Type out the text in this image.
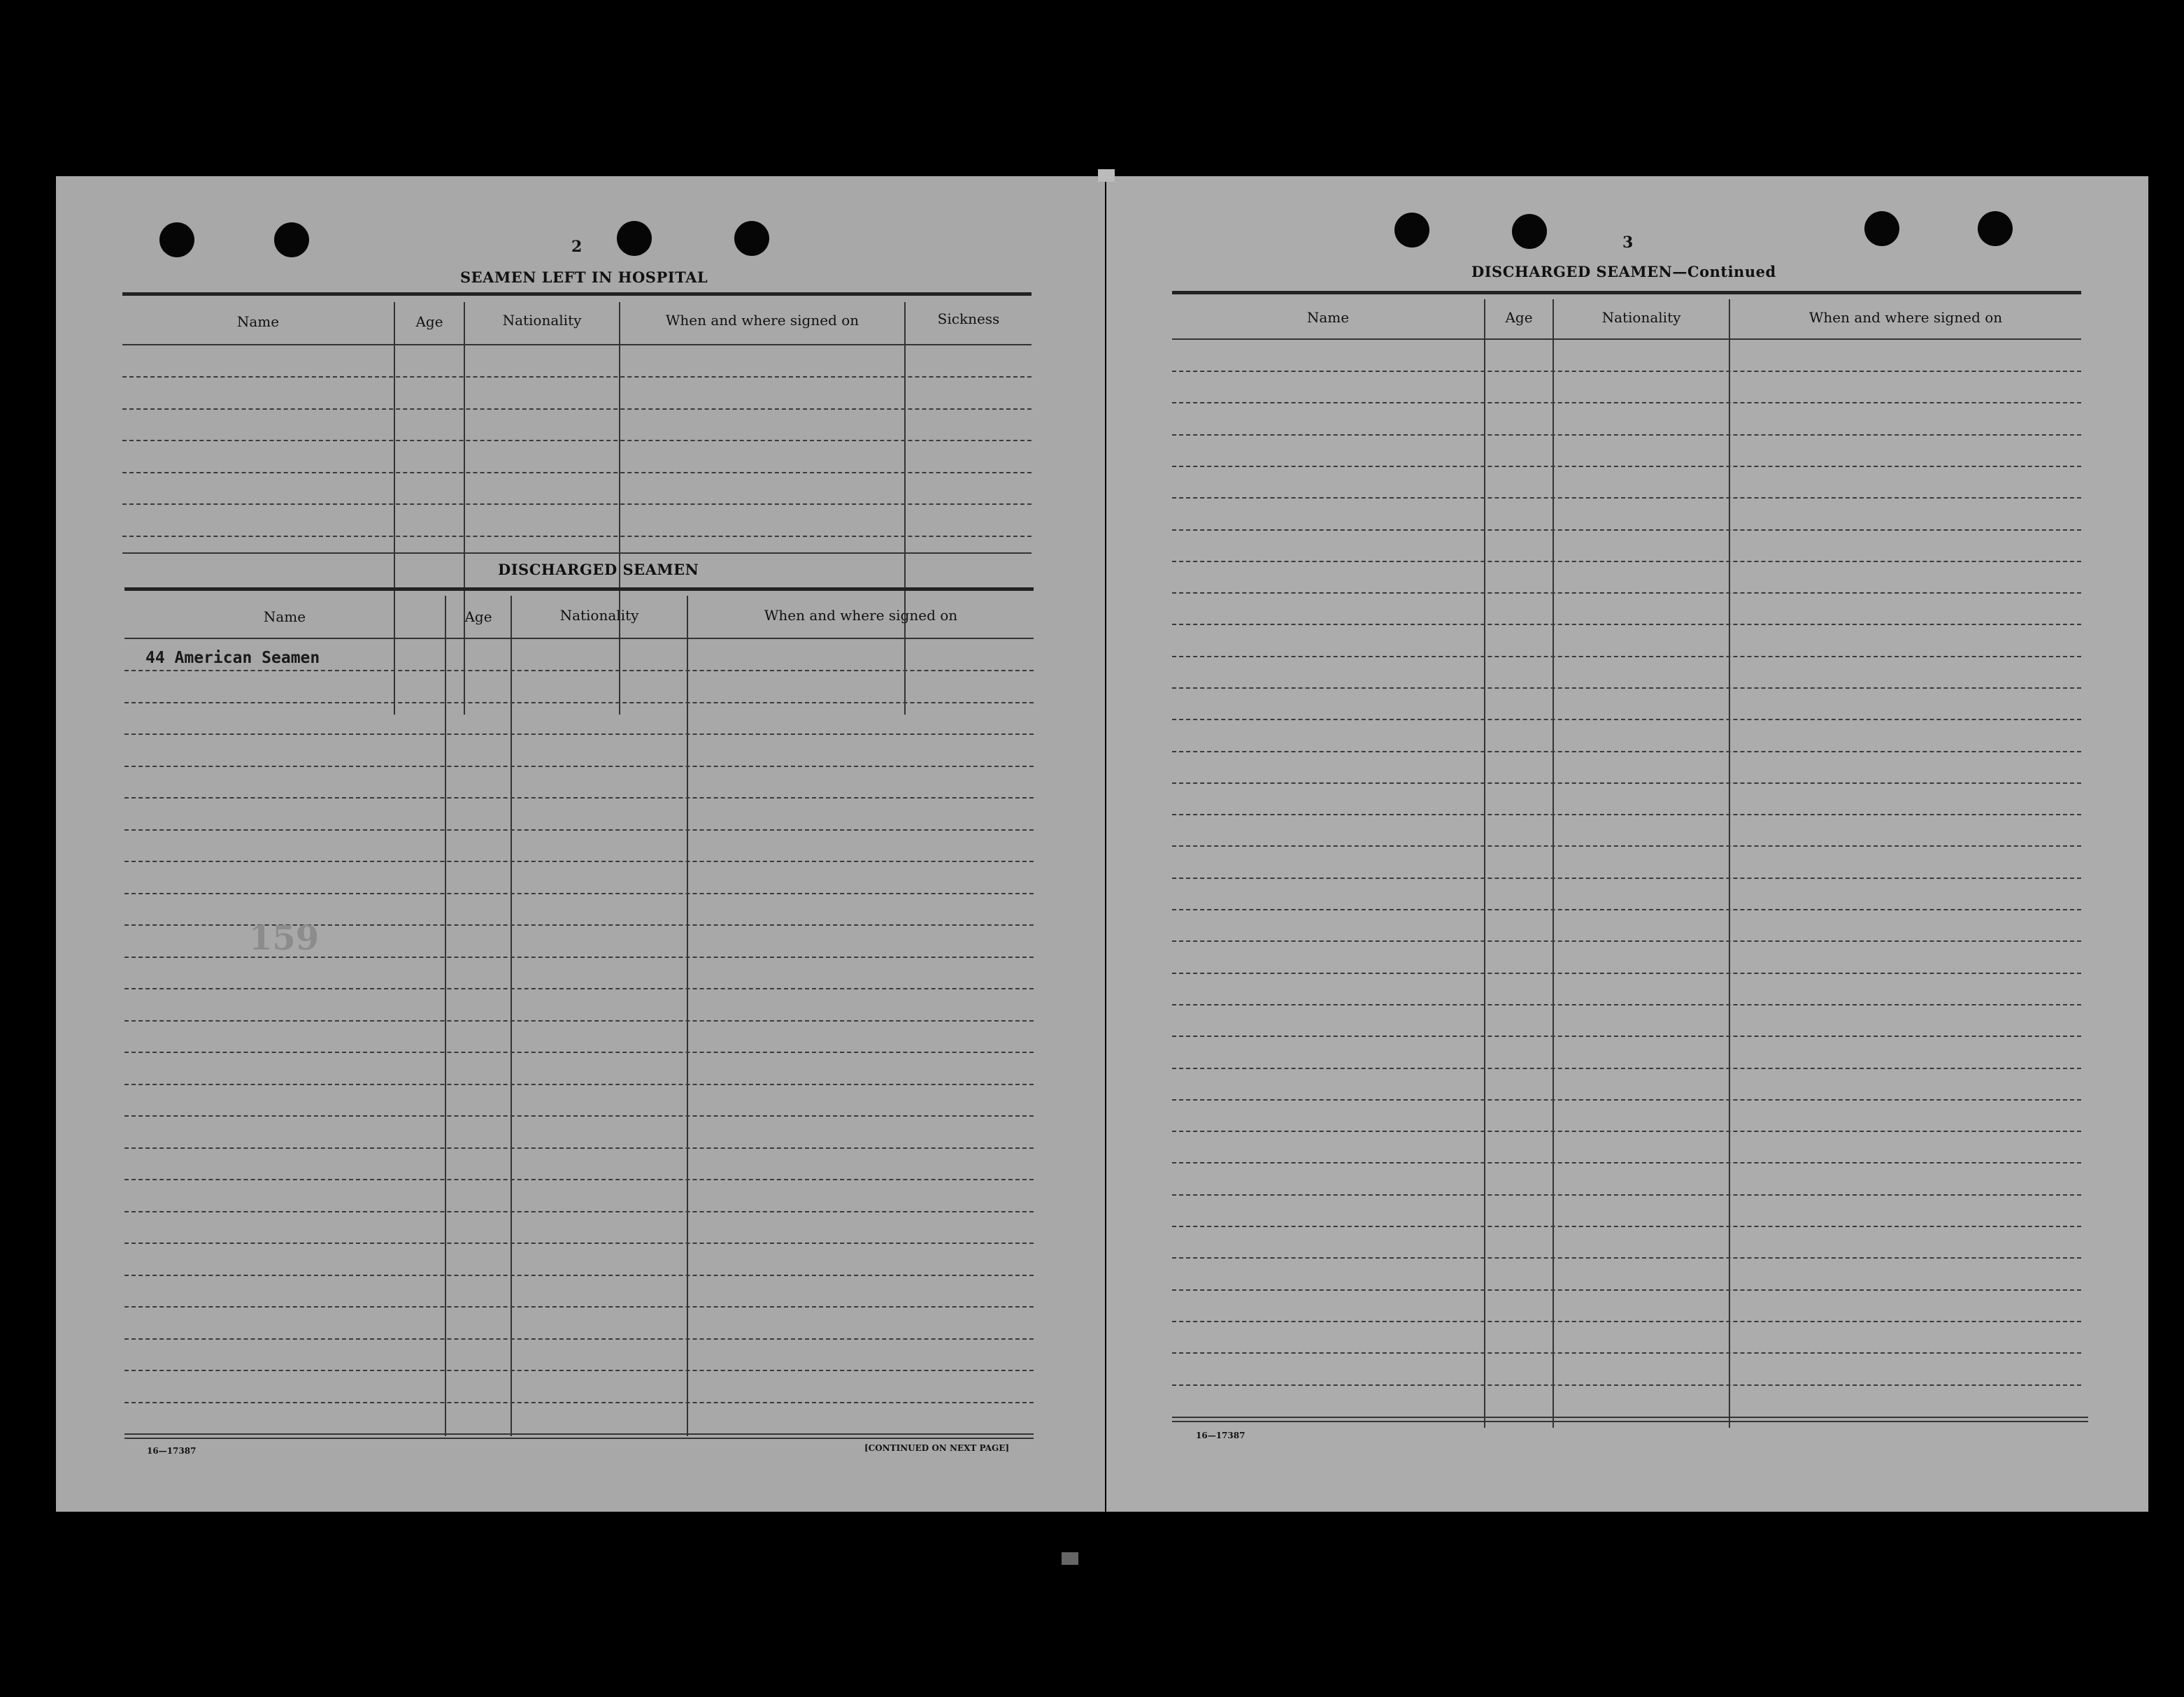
2
SEAMEN LEFT IN HOSPITAL
Name	Age	Nationality	When and where signed on	Sickness
DISCHARGED SEAMEN
Name	Age	Nationality	When and where signed on
44 American Seamen
159
16—17387	[CONTINUED ON NEXT PAGE]
3
DISCHARGED SEAMEN—Continued
Name	Age	Nationality	When and where signed on
16—17387
